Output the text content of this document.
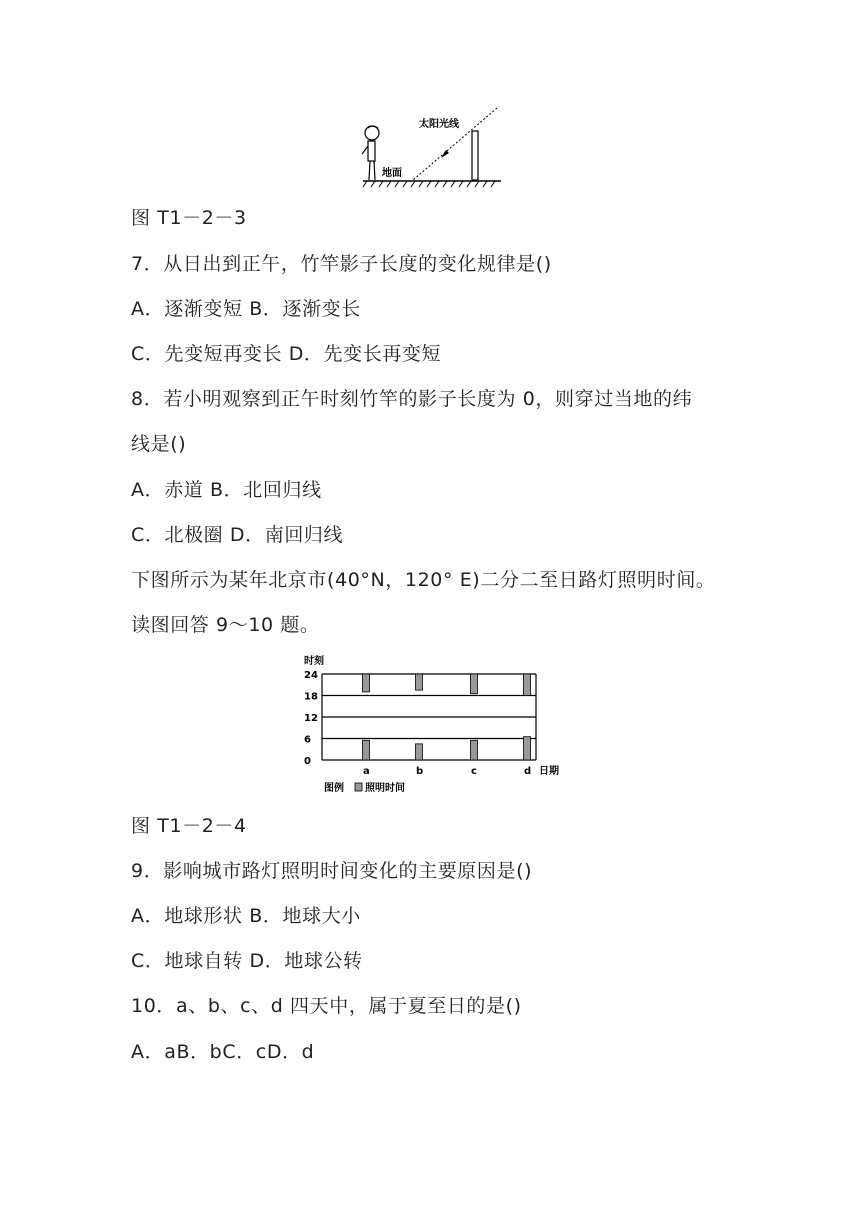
太阳光线
地面
图 T1－2－3
7．从日出到正午，竹竿影子长度的变化规律是()
A．逐渐变短 B．逐渐变长
C．先变短再变长 D．先变长再变短
8．若小明观察到正午时刻竹竿的影子长度为 0，则穿过当地的纬
线是()
A．赤道 B．北回归线
C．北极圈 D．南回归线
下图所示为某年北京市(40°N，120° E)二分二至日路灯照明时间。
读图回答 9～10 题。
时刻
日期
图例 照明时间
24
18
12
6
0
a	b	c	d
图 T1－2－4
9．影响城市路灯照明时间变化的主要原因是()
A．地球形状 B．地球大小
C．地球自转 D．地球公转
10．a、b、c、d 四天中，属于夏至日的是()
A．aB．bC．cD．d
